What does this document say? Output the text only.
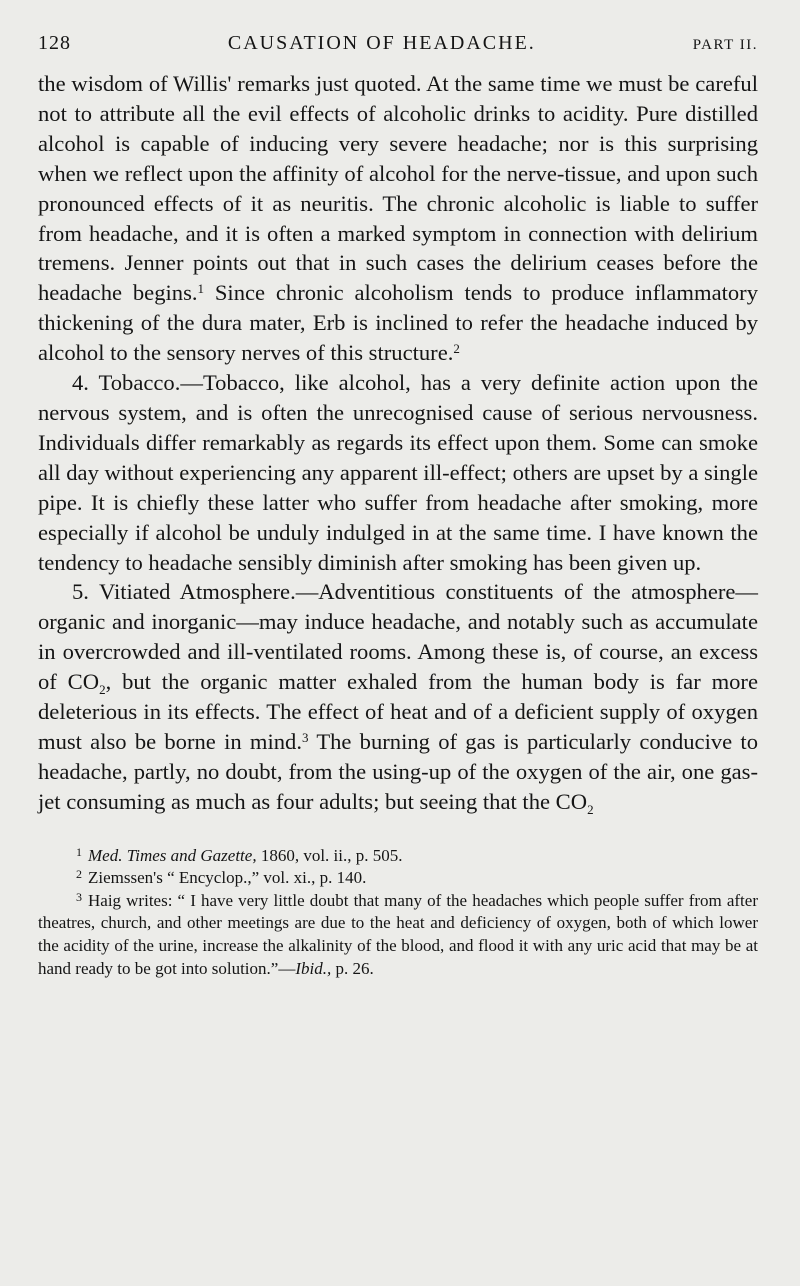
128	CAUSATION OF HEADACHE.	PART II.

the wisdom of Willis' remarks just quoted. At the same time we must be careful not to attribute all the evil effects of alcoholic drinks to acidity. Pure distilled alcohol is capable of inducing very severe headache; nor is this surprising when we reflect upon the affinity of alcohol for the nerve-tissue, and upon such pronounced effects of it as neuritis. The chronic alcoholic is liable to suffer from headache, and it is often a marked symptom in connection with delirium tremens. Jenner points out that in such cases the delirium ceases before the headache begins.$^1$ Since chronic alcoholism tends to produce inflammatory thickening of the dura mater, Erb is inclined to refer the headache induced by alcohol to the sensory nerves of this structure.$^2$

4. Tobacco.—Tobacco, like alcohol, has a very definite action upon the nervous system, and is often the unrecognised cause of serious nervousness. Individuals differ remarkably as regards its effect upon them. Some can smoke all day without experiencing any apparent ill-effect; others are upset by a single pipe. It is chiefly these latter who suffer from headache after smoking, more especially if alcohol be unduly indulged in at the same time. I have known the tendency to headache sensibly diminish after smoking has been given up.

5. Vitiated Atmosphere.—Adventitious constituents of the atmosphere—organic and inorganic—may induce headache, and notably such as accumulate in overcrowded and ill-ventilated rooms. Among these is, of course, an excess of $CO_2$, but the organic matter exhaled from the human body is far more deleterious in its effects. The effect of heat and of a deficient supply of oxygen must also be borne in mind.$^3$ The burning of gas is particularly conducive to headache, partly, no doubt, from the using-up of the oxygen of the air, one gas-jet consuming as much as four adults; but seeing that the $CO_2$

$^1$ Med. Times and Gazette, 1860, vol. ii., p. 505.

$^2$ Ziemssen's “ Encyclop.,” vol. xi., p. 140.

$^3$ Haig writes: “ I have very little doubt that many of the headaches which people suffer from after theatres, church, and other meetings are due to the heat and deficiency of oxygen, both of which lower the acidity of the urine, increase the alkalinity of the blood, and flood it with any uric acid that may be at hand ready to be got into solution.”—Ibid., p. 26.
